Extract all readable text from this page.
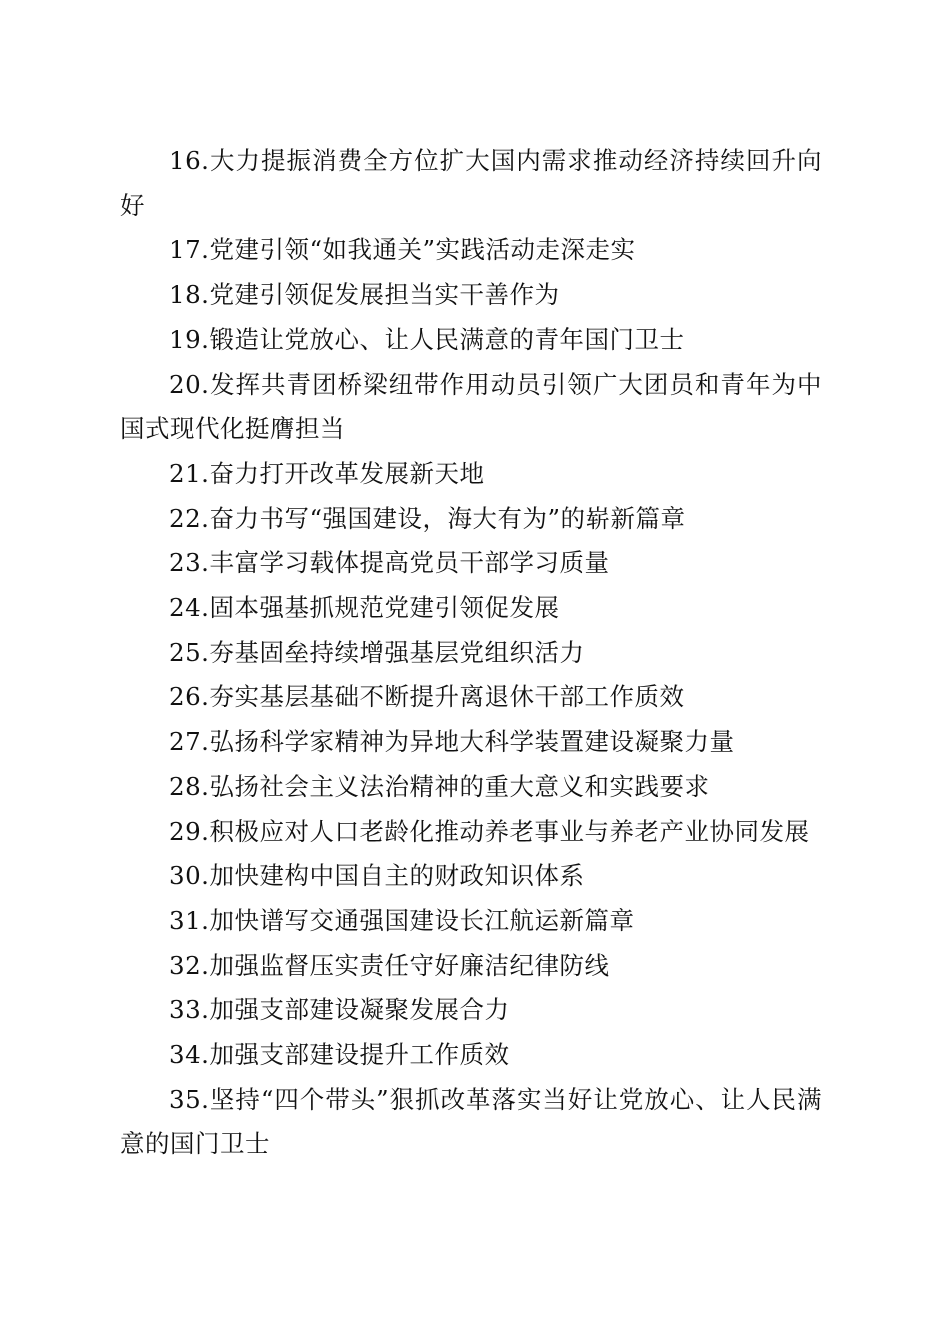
16.大力提振消费全方位扩大国内需求推动经济持续回升向好

17.党建引领“如我通关”实践活动走深走实

18.党建引领促发展担当实干善作为

19.锻造让党放心、让人民满意的青年国门卫士

20.发挥共青团桥梁纽带作用动员引领广大团员和青年为中国式现代化挺膺担当

21.奋力打开改革发展新天地

22.奋力书写“强国建设，海大有为”的崭新篇章

23.丰富学习载体提高党员干部学习质量

24.固本强基抓规范党建引领促发展

25.夯基固垒持续增强基层党组织活力

26.夯实基层基础不断提升离退休干部工作质效

27.弘扬科学家精神为异地大科学装置建设凝聚力量

28.弘扬社会主义法治精神的重大意义和实践要求

29.积极应对人口老龄化推动养老事业与养老产业协同发展

30.加快建构中国自主的财政知识体系

31.加快谱写交通强国建设长江航运新篇章

32.加强监督压实责任守好廉洁纪律防线

33.加强支部建设凝聚发展合力

34.加强支部建设提升工作质效

35.坚持“四个带头”狠抓改革落实当好让党放心、让人民满意的国门卫士
